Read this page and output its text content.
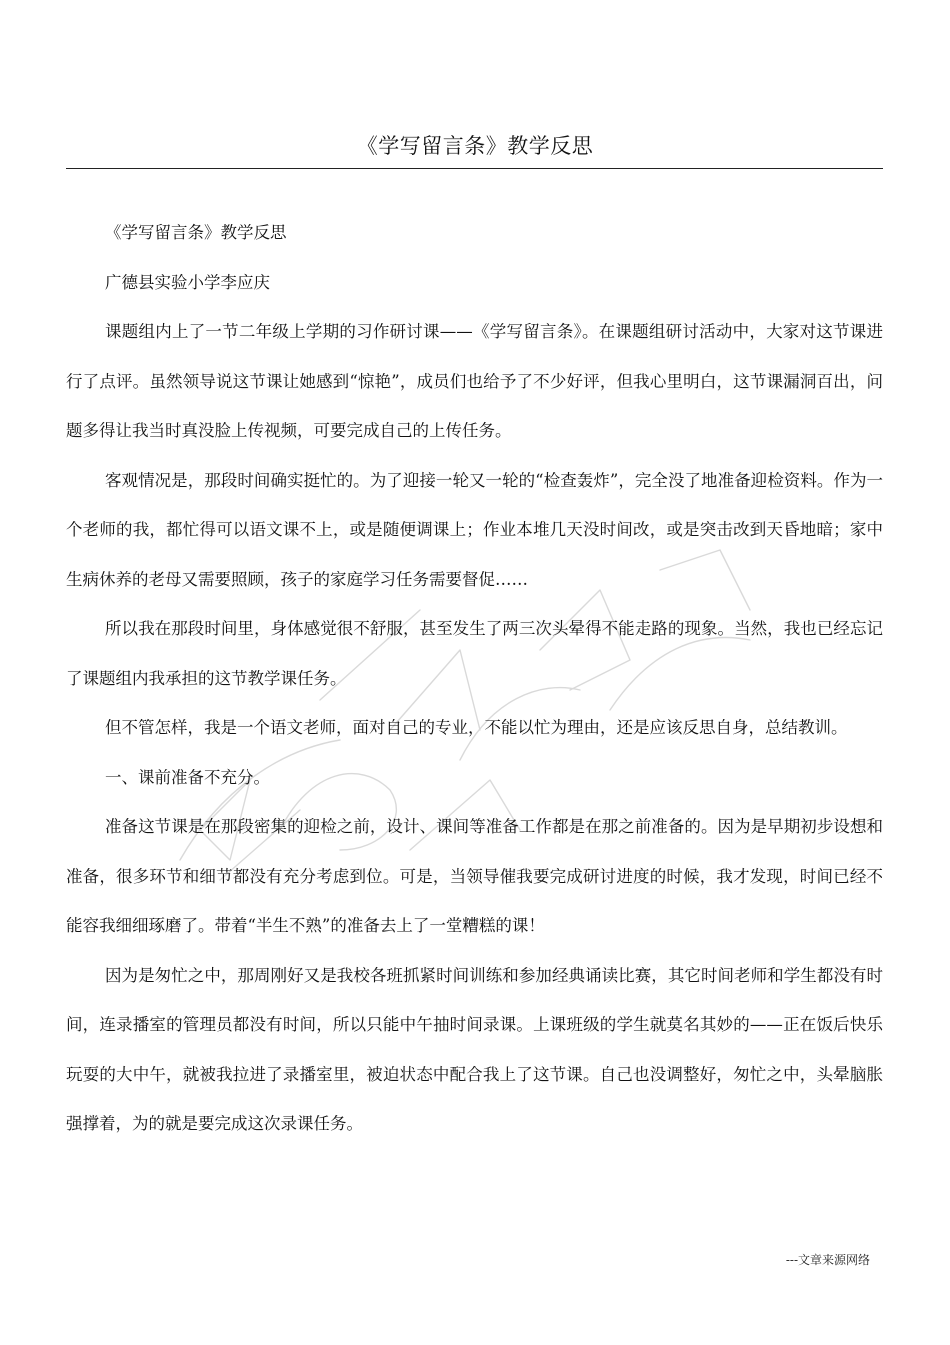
《学写留言条》教学反思

《学写留言条》教学反思

广德县实验小学李应庆

课题组内上了一节二年级上学期的习作研讨课——《学写留言条》。在课题组研讨活动中，大家对这节课进行了点评。虽然领导说这节课让她感到“惊艳”，成员们也给予了不少好评，但我心里明白，这节课漏洞百出，问题多得让我当时真没脸上传视频，可要完成自己的上传任务。

客观情况是，那段时间确实挺忙的。为了迎接一轮又一轮的“检查轰炸”，完全没了地准备迎检资料。作为一个老师的我，都忙得可以语文课不上，或是随便调课上；作业本堆几天没时间改，或是突击改到天昏地暗；家中生病休养的老母又需要照顾，孩子的家庭学习任务需要督促……

所以我在那段时间里，身体感觉很不舒服，甚至发生了两三次头晕得不能走路的现象。当然，我也已经忘记了课题组内我承担的这节教学课任务。

但不管怎样，我是一个语文老师，面对自己的专业，不能以忙为理由，还是应该反思自身，总结教训。

一、课前准备不充分。

准备这节课是在那段密集的迎检之前，设计、课间等准备工作都是在那之前准备的。因为是早期初步设想和准备，很多环节和细节都没有充分考虑到位。可是，当领导催我要完成研讨进度的时候，我才发现，时间已经不能容我细细琢磨了。带着“半生不熟”的准备去上了一堂糟糕的课！

因为是匆忙之中，那周刚好又是我校各班抓紧时间训练和参加经典诵读比赛，其它时间老师和学生都没有时间，连录播室的管理员都没有时间，所以只能中午抽时间录课。上课班级的学生就莫名其妙的——正在饭后快乐玩耍的大中午，就被我拉进了录播室里，被迫状态中配合我上了这节课。自己也没调整好，匆忙之中，头晕脑胀强撑着，为的就是要完成这次录课任务。

---文章来源网络
